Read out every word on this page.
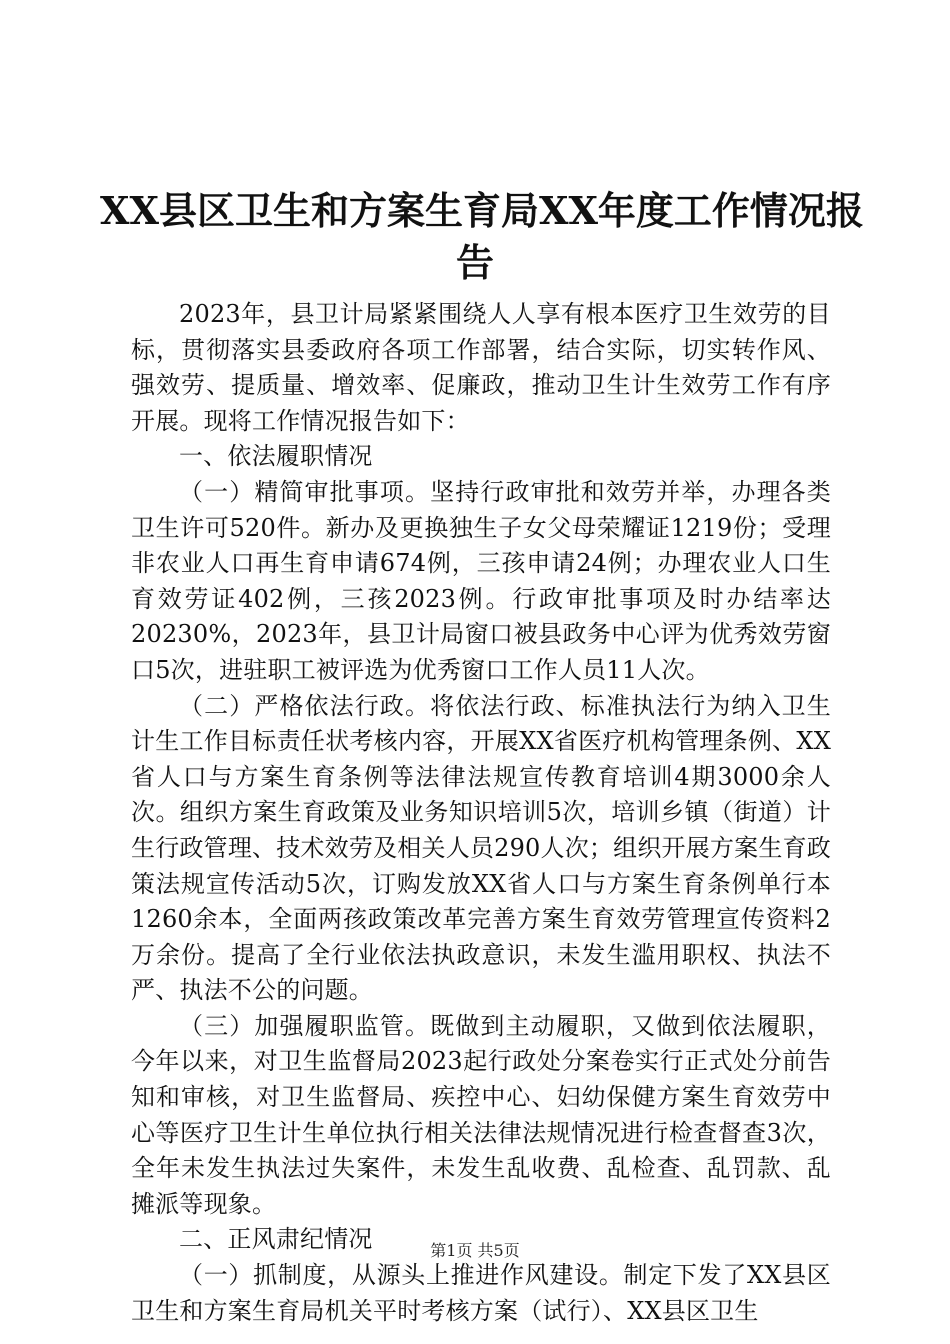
XX县区卫生和方案生育局XX年度工作情况报
告

2023年，县卫计局紧紧围绕人人享有根本医疗卫生效劳的目标，贯彻落实县委政府各项工作部署，结合实际，切实转作风、强效劳、提质量、增效率、促廉政，推动卫生计生效劳工作有序开展。现将工作情况报告如下：

一、依法履职情况

（一）精简审批事项。坚持行政审批和效劳并举，办理各类卫生许可520件。新办及更换独生子女父母荣耀证1219份；受理非农业人口再生育申请674例，三孩申请24例；办理农业人口生育效劳证402例，三孩2023例。行政审批事项及时办结率达20230%，2023年，县卫计局窗口被县政务中心评为优秀效劳窗口5次，进驻职工被评选为优秀窗口工作人员11人次。

（二）严格依法行政。将依法行政、标准执法行为纳入卫生计生工作目标责任状考核内容，开展XX省医疗机构管理条例、XX省人口与方案生育条例等法律法规宣传教育培训4期3000余人次。组织方案生育政策及业务知识培训5次，培训乡镇（街道）计生行政管理、技术效劳及相关人员290人次；组织开展方案生育政策法规宣传活动5次，订购发放XX省人口与方案生育条例单行本1260余本，全面两孩政策改革完善方案生育效劳管理宣传资料2万余份。提高了全行业依法执政意识，未发生滥用职权、执法不严、执法不公的问题。

（三）加强履职监管。既做到主动履职，又做到依法履职，今年以来，对卫生监督局2023起行政处分案卷实行正式处分前告知和审核，对卫生监督局、疾控中心、妇幼保健方案生育效劳中心等医疗卫生计生单位执行相关法律法规情况进行检查督查3次，全年未发生执法过失案件，未发生乱收费、乱检查、乱罚款、乱摊派等现象。

二、正风肃纪情况

（一）抓制度，从源头上推进作风建设。制定下发了XX县区卫生和方案生育局机关平时考核方案（试行）、XX县区卫生

第1页 共5页
